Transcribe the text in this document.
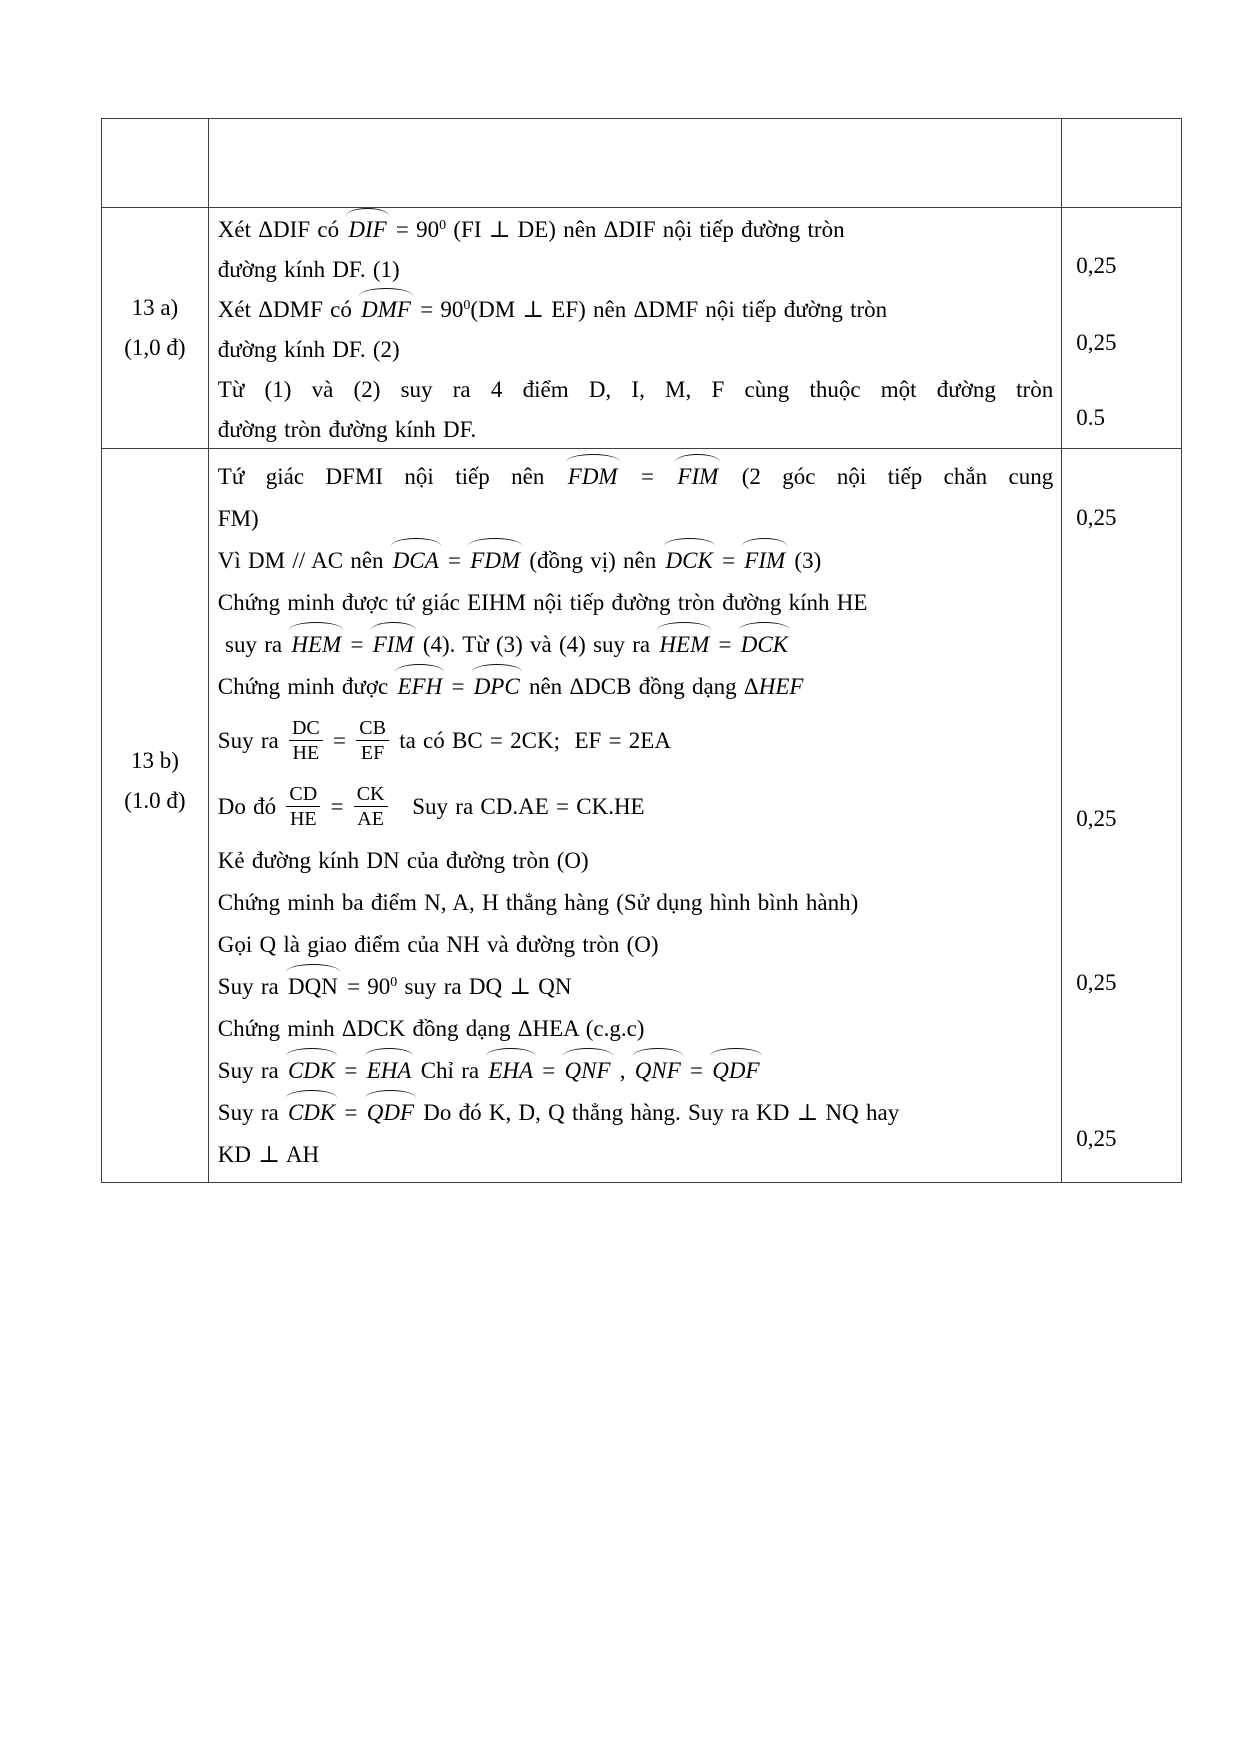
13 a)
(1,0 đ)
Xét ΔDIF có DIF = $90^0$ (FI ⊥ DE) nên ΔDIF nội tiếp đường tròn
đường kính DF. (1)
Xét ΔDMF có DMF = $90^0(DM$ ⊥ EF) nên ΔDMF nội tiếp đường tròn
đường kính DF. (2)
Từ (1) và (2) suy ra 4 điểm D, I, M, F cùng thuộc một đường tròn
đường tròn đường kính DF.
0,25
0,25
0.5
13 b)
(1.0 đ)
Tứ giác DFMI nội tiếp nên FDM = FIM (2 góc nội tiếp chắn cung
FM)
Vì DM // AC nên DCA = FDM (đồng vị) nên DCK = FIM (3)
Chứng minh được tứ giác EIHM nội tiếp đường tròn đường kính HE
suy ra HEM = FIM (4). Từ (3) và (4) suy ra HEM = DCK
Chứng minh được EFH = DPC nên ΔDCB đồng dạng ΔHEF
Suy ra $\frac{DC}{HE} = \frac{CB}{EF}$ ta có BC = 2CK;  EF = 2EA
Do đó $\frac{CD}{HE} = \frac{CK}{AE}$ Suy ra CD.AE = CK.HE
Kẻ đường kính DN của đường tròn (O)
Chứng minh ba điểm N, A, H thẳng hàng (Sử dụng hình bình hành)
Gọi Q là giao điểm của NH và đường tròn (O)
Suy ra DQN = $90^0$ suy ra DQ ⊥ QN
Chứng minh ΔDCK đồng dạng ΔHEA (c.g.c)
Suy ra CDK = EHA Chỉ ra EHA = QNF , QNF = QDF
Suy ra CDK = QDF Do đó K, D, Q thẳng hàng. Suy ra KD ⊥ NQ hay
KD ⊥ AH
0,25
0,25
0,25
0,25
